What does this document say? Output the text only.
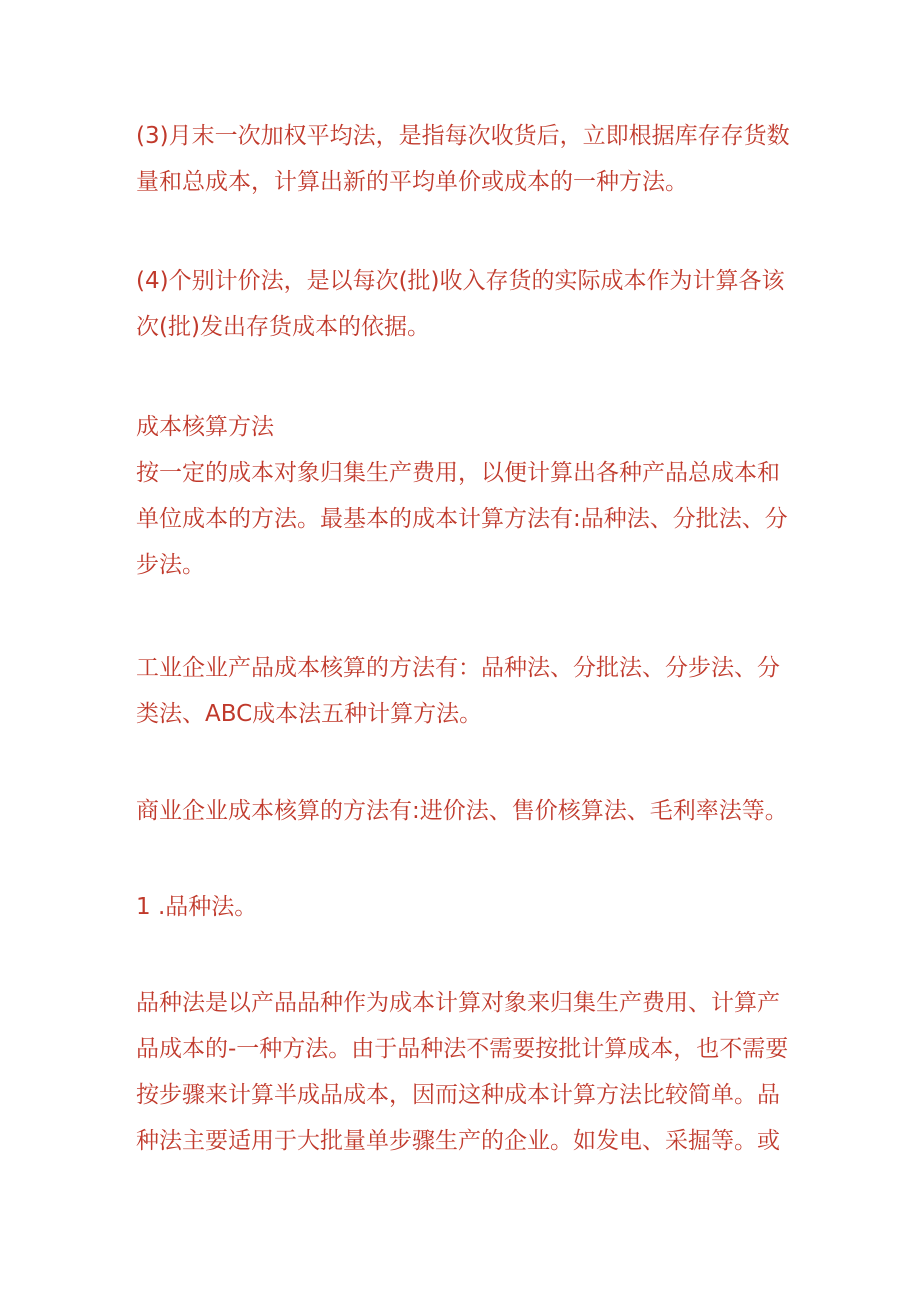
(3)月末一次加权平均法，是指每次收货后，立即根据库存存货数
量和总成本，计算出新的平均单价或成本的一种方法。

(4)个别计价法，是以每次(批)收入存货的实际成本作为计算各该
次(批)发出存货成本的依据。

成本核算方法
按一定的成本对象归集生产费用，以便计算出各种产品总成本和
单位成本的方法。最基本的成本计算方法有:品种法、分批法、分
步法。

工业企业产品成本核算的方法有：品种法、分批法、分步法、分
类法、ABC成本法五种计算方法。

商业企业成本核算的方法有:进价法、售价核算法、毛利率法等。

1 .品种法。

品种法是以产品品种作为成本计算对象来归集生产费用、计算产
品成本的-一种方法。由于品种法不需要按批计算成本，也不需要
按步骤来计算半成品成本，因而这种成本计算方法比较简单。品
种法主要适用于大批量单步骤生产的企业。如发电、采掘等。或
